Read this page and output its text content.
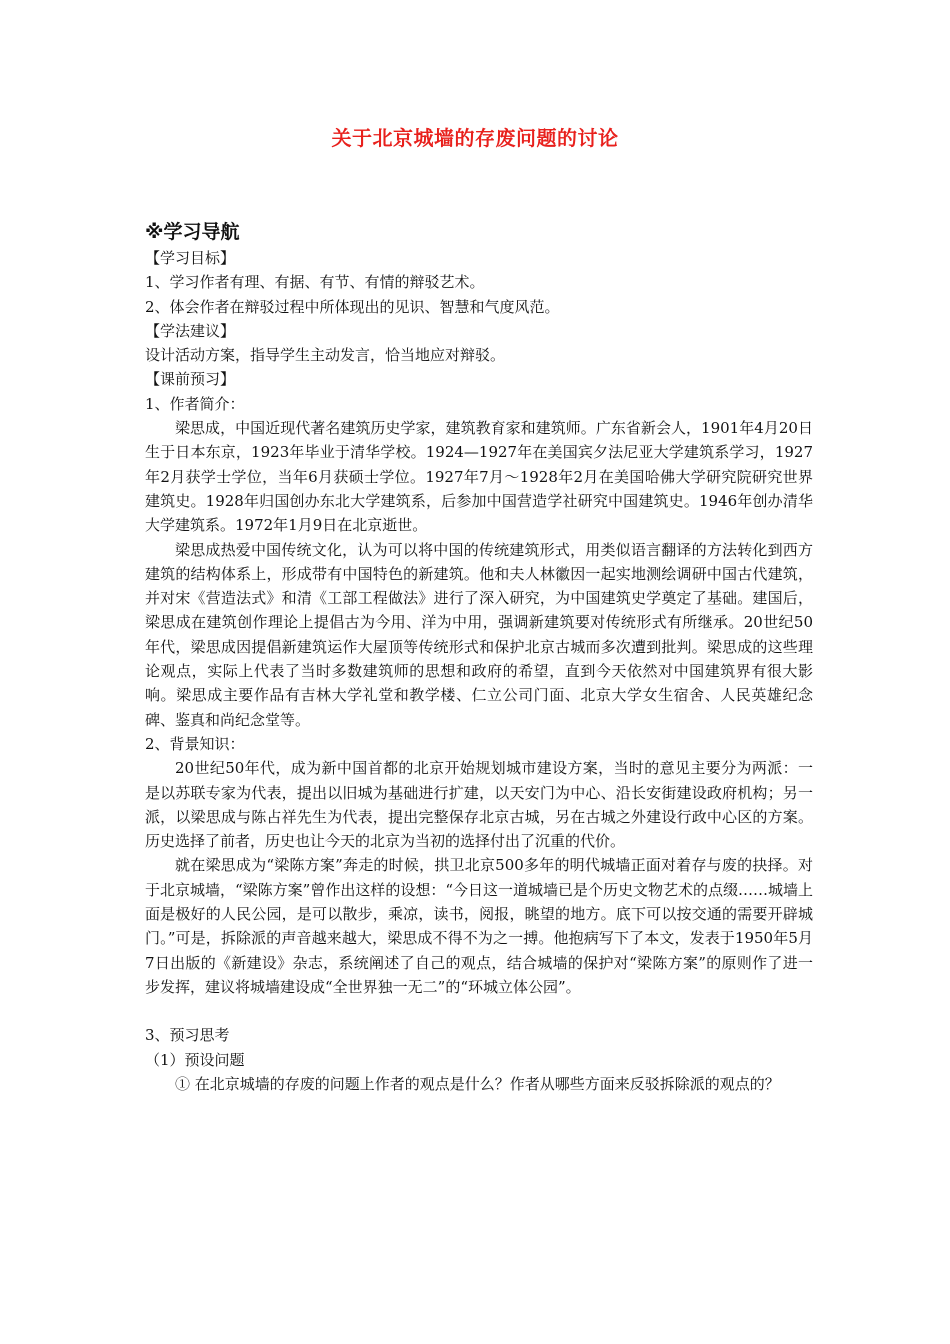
关于北京城墙的存废问题的讨论
※学习导航

【学习目标】

1、学习作者有理、有据、有节、有情的辩驳艺术。

2、体会作者在辩驳过程中所体现出的见识、智慧和气度风范。

【学法建议】

设计活动方案，指导学生主动发言，恰当地应对辩驳。

【课前预习】

1、作者简介：

梁思成，中国近现代著名建筑历史学家，建筑教育家和建筑师。广东省新会人，1901年4月20日生于日本东京，1923年毕业于清华学校。1924—1927年在美国宾夕法尼亚大学建筑系学习，1927年2月获学士学位，当年6月获硕士学位。1927年7月～1928年2月在美国哈佛大学研究院研究世界建筑史。1928年归国创办东北大学建筑系，后参加中国营造学社研究中国建筑史。1946年创办清华大学建筑系。1972年1月9日在北京逝世。

梁思成热爱中国传统文化，认为可以将中国的传统建筑形式，用类似语言翻译的方法转化到西方建筑的结构体系上，形成带有中国特色的新建筑。他和夫人林徽因一起实地测绘调研中国古代建筑，并对宋《营造法式》和清《工部工程做法》进行了深入研究，为中国建筑史学奠定了基础。建国后，梁思成在建筑创作理论上提倡古为今用、洋为中用，强调新建筑要对传统形式有所继承。20世纪50年代，梁思成因提倡新建筑运作大屋顶等传统形式和保护北京古城而多次遭到批判。梁思成的这些理论观点，实际上代表了当时多数建筑师的思想和政府的希望，直到今天依然对中国建筑界有很大影响。梁思成主要作品有吉林大学礼堂和教学楼、仁立公司门面、北京大学女生宿舍、人民英雄纪念碑、鉴真和尚纪念堂等。

2、背景知识：

20世纪50年代，成为新中国首都的北京开始规划城市建设方案，当时的意见主要分为两派：一是以苏联专家为代表，提出以旧城为基础进行扩建，以天安门为中心、沿长安街建设政府机构；另一派，以梁思成与陈占祥先生为代表，提出完整保存北京古城，另在古城之外建设行政中心区的方案。历史选择了前者，历史也让今天的北京为当初的选择付出了沉重的代价。

就在梁思成为“梁陈方案”奔走的时候，拱卫北京500多年的明代城墙正面对着存与废的抉择。对于北京城墙，“梁陈方案”曾作出这样的设想：“今日这一道城墙已是个历史文物艺术的点缀……城墙上面是极好的人民公园，是可以散步，乘凉，读书，阅报，眺望的地方。底下可以按交通的需要开辟城门。”可是，拆除派的声音越来越大，梁思成不得不为之一搏。他抱病写下了本文，发表于1950年5月7日出版的《新建设》杂志，系统阐述了自己的观点，结合城墙的保护对“梁陈方案”的原则作了进一步发挥，建议将城墙建设成“全世界独一无二”的“环城立体公园”。

3、预习思考

（1）预设问题

① 在北京城墙的存废的问题上作者的观点是什么？作者从哪些方面来反驳拆除派的观点的？
